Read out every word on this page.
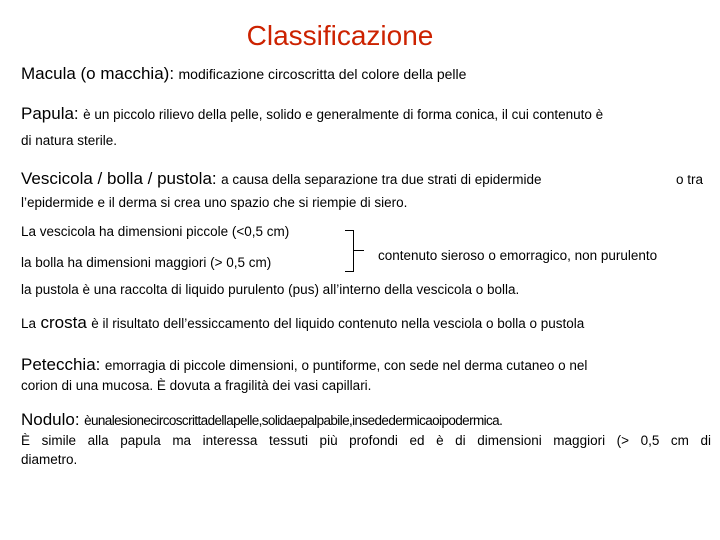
Classificazione
Macula (o macchia): modificazione circoscritta del colore della pelle
Papula: è un piccolo rilievo della pelle, solido e generalmente di forma conica, il cui contenuto è
di natura sterile.
Vescicola / bolla / pustola: a causa della separazione tra due strati di epidermide	o tra
l’epidermide e il derma si crea uno spazio che si riempie di siero.
La vescicola ha dimensioni piccole (<0,5 cm)
la bolla ha dimensioni maggiori (> 0,5 cm)	contenuto sieroso o emorragico, non purulento
la pustola è una raccolta di liquido purulento (pus) all’interno della vescicola o bolla.
La crosta è il risultato dell’essiccamento del liquido contenuto nella vesciola o bolla o pustola
Petecchia: emorragia di piccole dimensioni, o puntiforme, con sede nel derma cutaneo o nel
corion di una mucosa. È dovuta a fragilità dei vasi capillari.
Nodulo: èunalesionecircoscrittadellapelle,solidaepalpabile,insededermicaoipodermica.
È simile alla papula ma interessa tessuti più profondi ed è di dimensioni maggiori (> 0,5 cm di
diametro.
